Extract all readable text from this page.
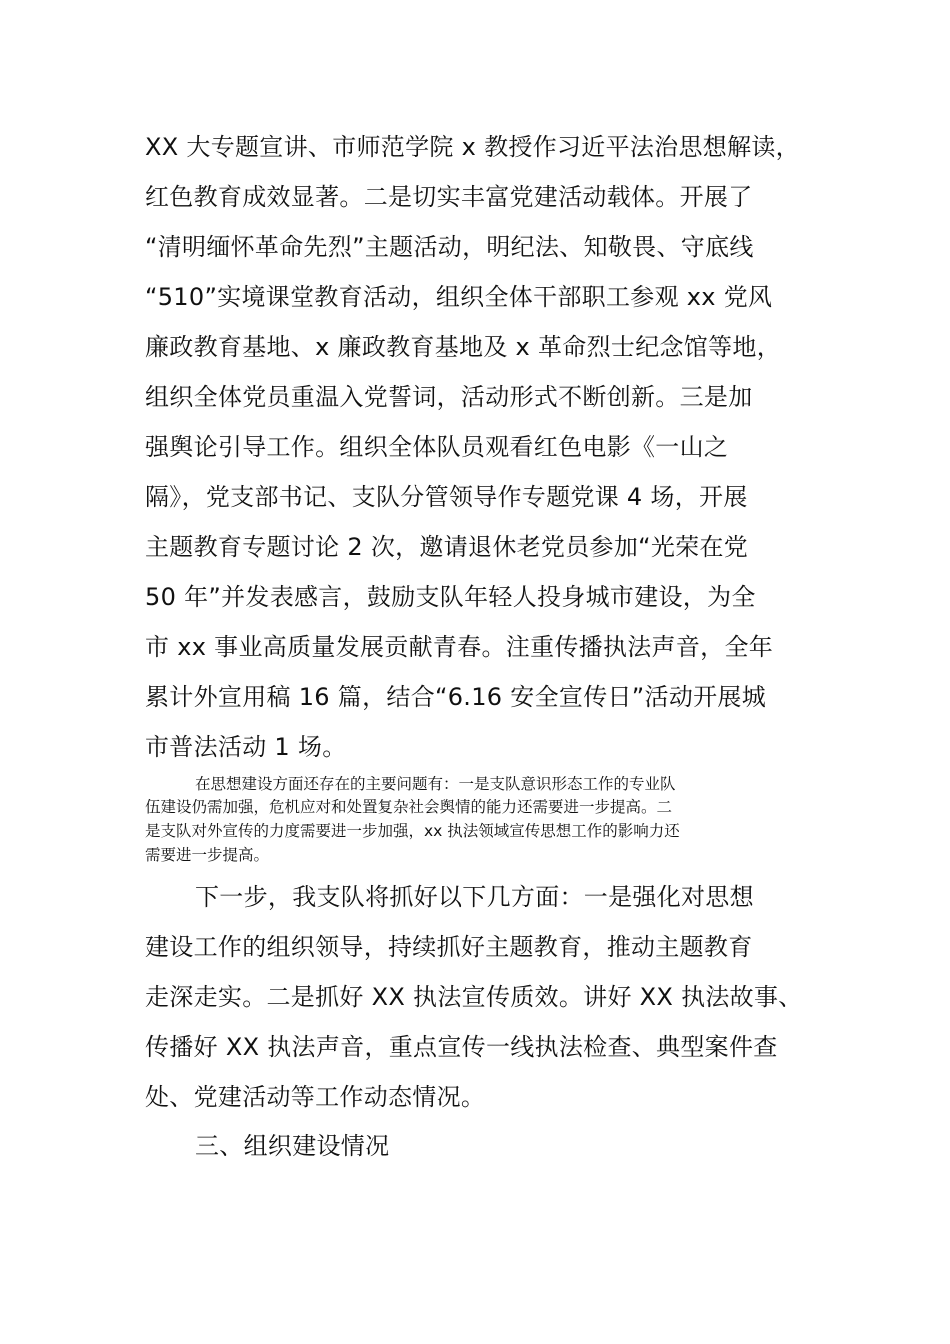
XX 大专题宣讲、市师范学院 x 教授作习近平法治思想解读，
红色教育成效显著。二是切实丰富党建活动载体。开展了
“清明缅怀革命先烈”主题活动，明纪法、知敬畏、守底线
“510”实境课堂教育活动，组织全体干部职工参观 xx 党风
廉政教育基地、x 廉政教育基地及 x 革命烈士纪念馆等地，
组织全体党员重温入党誓词，活动形式不断创新。三是加
强舆论引导工作。组织全体队员观看红色电影《一山之
隔》，党支部书记、支队分管领导作专题党课 4 场，开展
主题教育专题讨论 2 次，邀请退休老党员参加“光荣在党
50 年”并发表感言，鼓励支队年轻人投身城市建设，为全
市 xx 事业高质量发展贡献青春。注重传播执法声音，全年
累计外宣用稿 16 篇，结合“6.16 安全宣传日”活动开展城
市普法活动 1 场。
在思想建设方面还存在的主要问题有：一是支队意识形态工作的专业队
伍建设仍需加强，危机应对和处置复杂社会舆情的能力还需要进一步提高。二
是支队对外宣传的力度需要进一步加强，xx 执法领域宣传思想工作的影响力还
需要进一步提高。
下一步，我支队将抓好以下几方面：一是强化对思想
建设工作的组织领导，持续抓好主题教育，推动主题教育
走深走实。二是抓好 XX 执法宣传质效。讲好 XX 执法故事、
传播好 XX 执法声音，重点宣传一线执法检查、典型案件查
处、党建活动等工作动态情况。
三、组织建设情况
